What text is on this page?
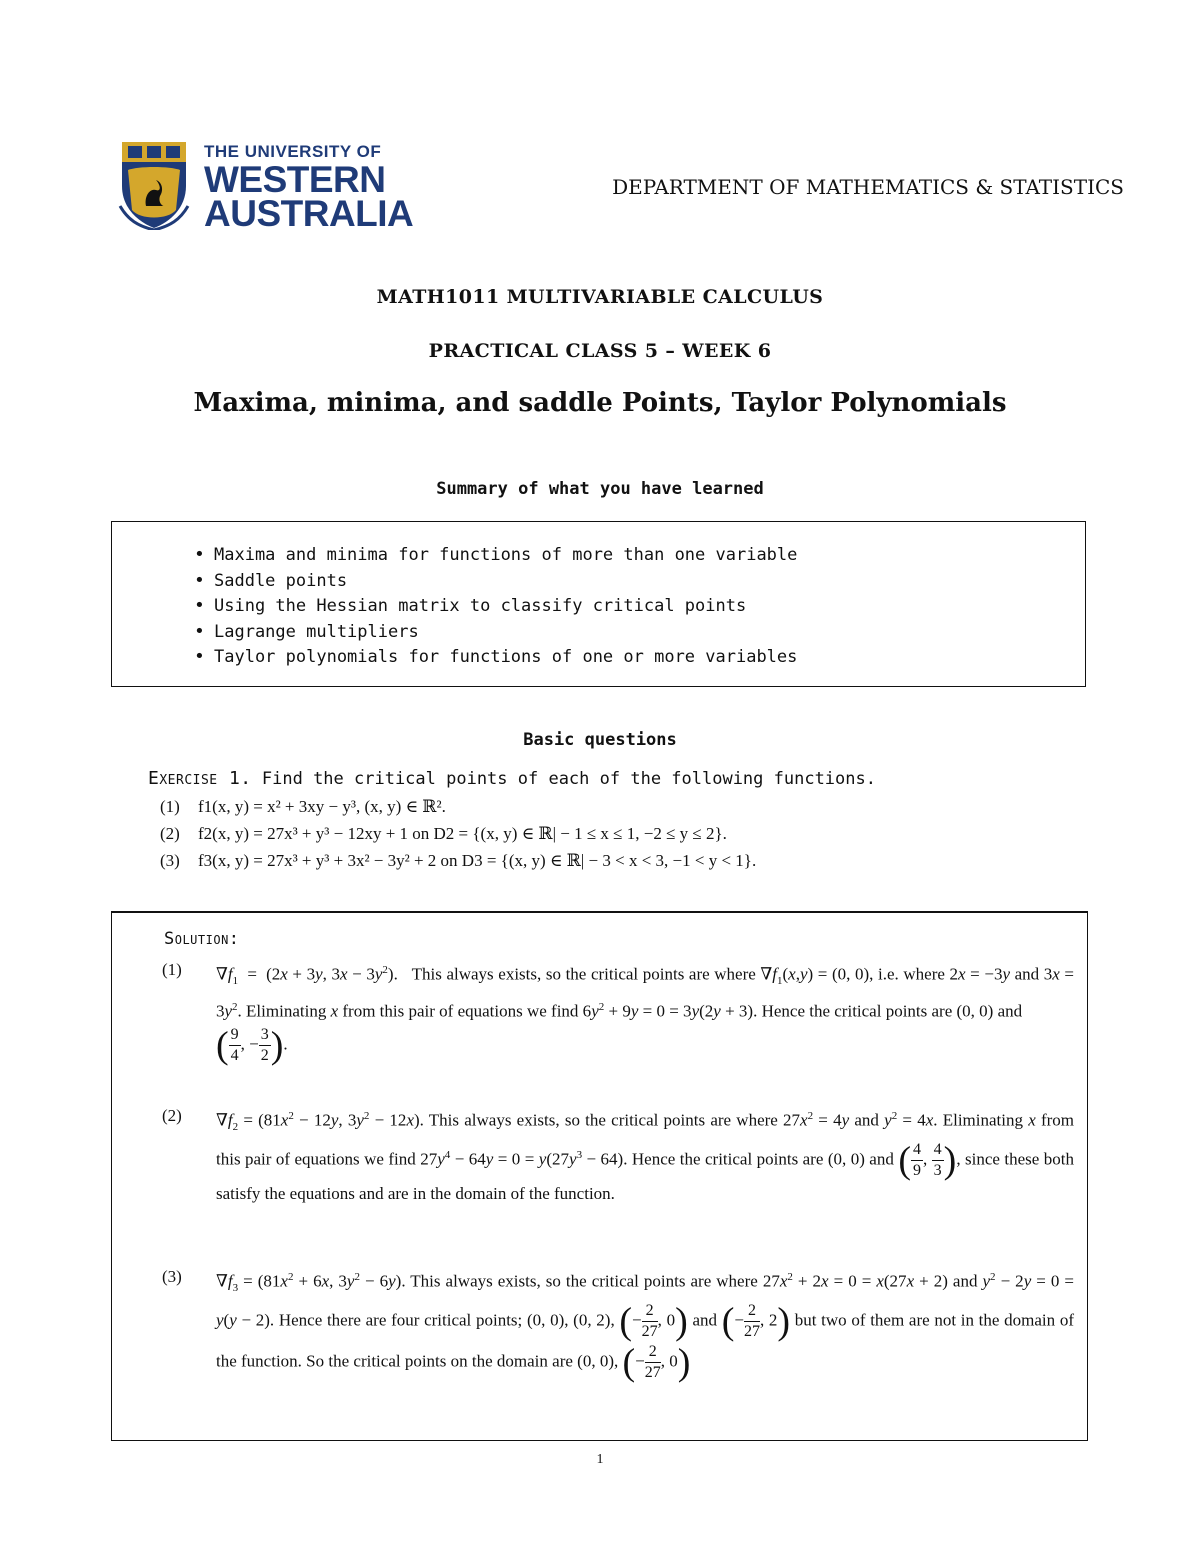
THE UNIVERSITY OF
WESTERN
AUSTRALIA
DEPARTMENT OF MATHEMATICS & STATISTICS
MATH1011 MULTIVARIABLE CALCULUS
PRACTICAL CLASS 5 – WEEK 6
Maxima, minima, and saddle Points, Taylor Polynomials
Summary of what you have learned
• Maxima and minima for functions of more than one variable
• Saddle points
• Using the Hessian matrix to classify critical points
• Lagrange multipliers
• Taylor polynomials for functions of one or more variables
Basic questions
Exercise 1. Find the critical points of each of the following functions.
(1) f1(x, y) = x² + 3xy − y³, (x, y) ∈ ℝ².
(2) f2(x, y) = 27x³ + y³ − 12xy + 1 on D2 = {(x, y) ∈ ℝ| − 1 ≤ x ≤ 1, −2 ≤ y ≤ 2}.
(3) f3(x, y) = 27x³ + y³ + 3x² − 3y² + 2 on D3 = {(x, y) ∈ ℝ| − 3 < x < 3, −1 < y < 1}.
Solution:
(1) $\nabla f_1 = (2x + 3y$, $3x - 3y^2$).   This always exists, so the critical points are where $\nabla f_1(x,y) = (0$, 0), i.e. where 2x = −3y and $3x = 3y^2$. Eliminating x from this pair of equations we find $6y^2 + 9y = 0 = 3y(2y + 3)$. Hence the critical points are (0, 0) and
( $\frac{9}{4}$ , − $\frac{3}{2}$ ).
(2) $\nabla f_2 = (81x^2 - 12y$, $3y^2 - 12x$). This always exists, so the critical points are where $27x^2 = 4y$ and $y^2 = 4x$. Eliminating x from this pair of equations we find $27y^4 - 64y = 0 = y(27y^3 - 64)$. Hence the critical points are (0, 0) and ( $\frac{4}{9}$ , $\frac{4}{3}$ ), since these both satisfy the equations and are in the domain of the function.
(3) $\nabla f_3 = (81x^2 + 6x$, $3y^2 - 6y$). This always exists, so the critical points are where $27x^2 + 2x = 0 = x(27x + 2)$ and $y^2 - 2y = 0 = y(y - 2)$. Hence there are four critical points; (0, 0), (0, 2), (− $\frac{2}{27}$ , 0) and (− $\frac{2}{27}$ , 2) but two of them are not in the domain of the function. So the critical points on the domain are (0, 0), (− $\frac{2}{27}$ , 0)
1
